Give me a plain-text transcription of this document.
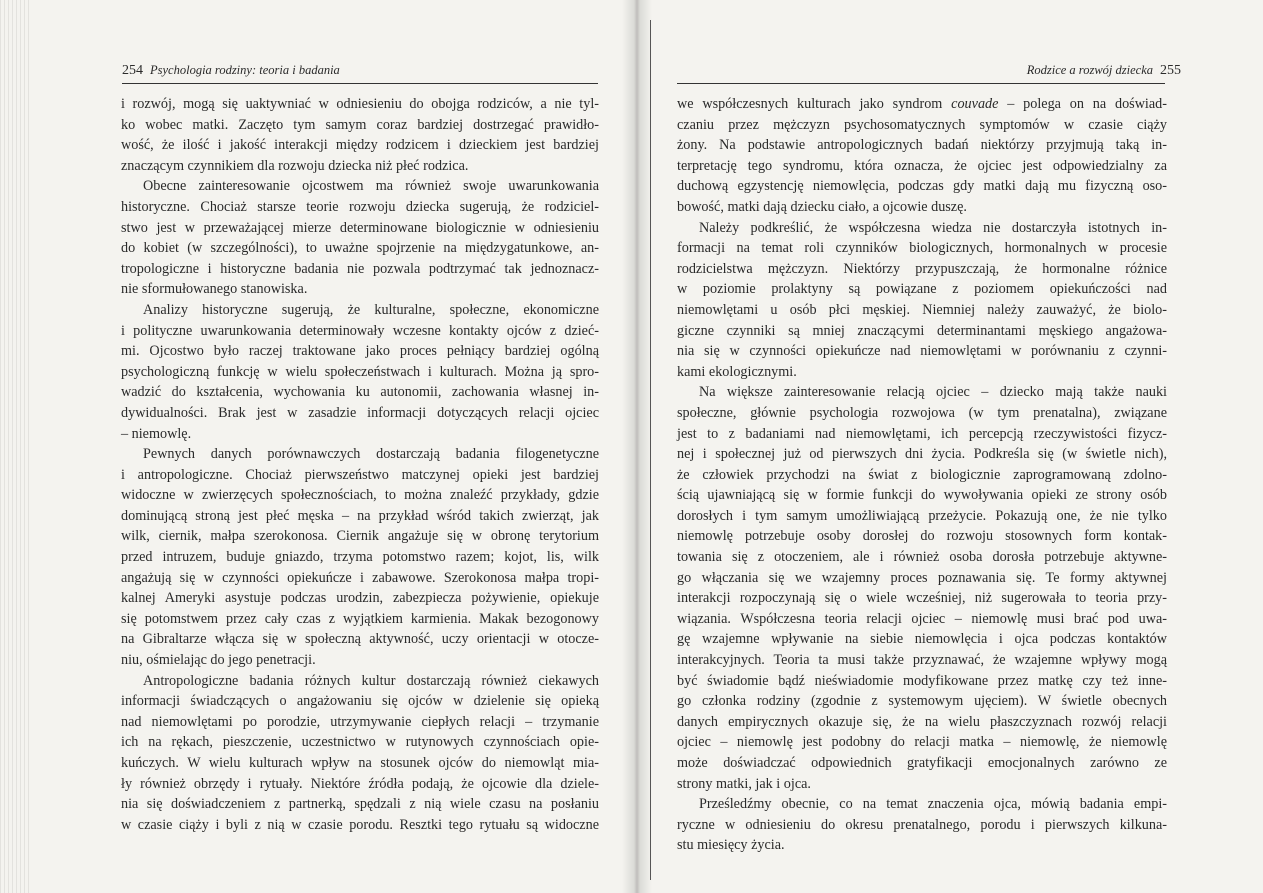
254 Psychologia rodziny: teoria i badania
i rozwój, mogą się uaktywniać w odniesieniu do obojga rodziców, a nie tyl-
ko wobec matki. Zaczęto tym samym coraz bardziej dostrzegać prawidło-
wość, że ilość i jakość interakcji między rodzicem i dzieckiem jest bardziej
znaczącym czynnikiem dla rozwoju dziecka niż płeć rodzica.
Obecne zainteresowanie ojcostwem ma również swoje uwarunkowania
historyczne. Chociaż starsze teorie rozwoju dziecka sugerują, że rodziciel-
stwo jest w przeważającej mierze determinowane biologicznie w odniesieniu
do kobiet (w szczególności), to uważne spojrzenie na międzygatunkowe, an-
tropologiczne i historyczne badania nie pozwala podtrzymać tak jednoznacz-
nie sformułowanego stanowiska.
Analizy historyczne sugerują, że kulturalne, społeczne, ekonomiczne
i polityczne uwarunkowania determinowały wczesne kontakty ojców z dzieć-
mi. Ojcostwo było raczej traktowane jako proces pełniący bardziej ogólną
psychologiczną funkcję w wielu społeczeństwach i kulturach. Można ją spro-
wadzić do kształcenia, wychowania ku autonomii, zachowania własnej in-
dywidualności. Brak jest w zasadzie informacji dotyczących relacji ojciec
– niemowlę.
Pewnych danych porównawczych dostarczają badania filogenetyczne
i antropologiczne. Chociaż pierwszeństwo matczynej opieki jest bardziej
widoczne w zwierzęcych społecznościach, to można znaleźć przykłady, gdzie
dominującą stroną jest płeć męska – na przykład wśród takich zwierząt, jak
wilk, ciernik, małpa szerokonosa. Ciernik angażuje się w obronę terytorium
przed intruzem, buduje gniazdo, trzyma potomstwo razem; kojot, lis, wilk
angażują się w czynności opiekuńcze i zabawowe. Szerokonosa małpa tropi-
kalnej Ameryki asystuje podczas urodzin, zabezpiecza pożywienie, opiekuje
się potomstwem przez cały czas z wyjątkiem karmienia. Makak bezogonowy
na Gibraltarze włącza się w społeczną aktywność, uczy orientacji w otocze-
niu, ośmielając do jego penetracji.
Antropologiczne badania różnych kultur dostarczają również ciekawych
informacji świadczących o angażowaniu się ojców w dzielenie się opieką
nad niemowlętami po porodzie, utrzymywanie ciepłych relacji – trzymanie
ich na rękach, pieszczenie, uczestnictwo w rutynowych czynnościach opie-
kuńczych. W wielu kulturach wpływ na stosunek ojców do niemowląt mia-
ły również obrzędy i rytuały. Niektóre źródła podają, że ojcowie dla dziele-
nia się doświadczeniem z partnerką, spędzali z nią wiele czasu na posłaniu
w czasie ciąży i byli z nią w czasie porodu. Resztki tego rytuału są widoczne
Rodzice a rozwój dziecka 255
we współczesnych kulturach jako syndrom couvade – polega on na doświad-
czaniu przez mężczyzn psychosomatycznych symptomów w czasie ciąży
żony. Na podstawie antropologicznych badań niektórzy przyjmują taką in-
terpretację tego syndromu, która oznacza, że ojciec jest odpowiedzialny za
duchową egzystencję niemowlęcia, podczas gdy matki dają mu fizyczną oso-
bowość, matki dają dziecku ciało, a ojcowie duszę.
Należy podkreślić, że współczesna wiedza nie dostarczyła istotnych in-
formacji na temat roli czynników biologicznych, hormonalnych w procesie
rodzicielstwa mężczyzn. Niektórzy przypuszczają, że hormonalne różnice
w poziomie prolaktyny są powiązane z poziomem opiekuńczości nad
niemowlętami u osób płci męskiej. Niemniej należy zauważyć, że biolo-
giczne czynniki są mniej znaczącymi determinantami męskiego angażowa-
nia się w czynności opiekuńcze nad niemowlętami w porównaniu z czynni-
kami ekologicznymi.
Na większe zainteresowanie relacją ojciec – dziecko mają także nauki
społeczne, głównie psychologia rozwojowa (w tym prenatalna), związane
jest to z badaniami nad niemowlętami, ich percepcją rzeczywistości fizycz-
nej i społecznej już od pierwszych dni życia. Podkreśla się (w świetle nich),
że człowiek przychodzi na świat z biologicznie zaprogramowaną zdolno-
ścią ujawniającą się w formie funkcji do wywoływania opieki ze strony osób
dorosłych i tym samym umożliwiającą przeżycie. Pokazują one, że nie tylko
niemowlę potrzebuje osoby dorosłej do rozwoju stosownych form kontak-
towania się z otoczeniem, ale i również osoba dorosła potrzebuje aktywne-
go włączania się we wzajemny proces poznawania się. Te formy aktywnej
interakcji rozpoczynają się o wiele wcześniej, niż sugerowała to teoria przy-
wiązania. Współczesna teoria relacji ojciec – niemowlę musi brać pod uwa-
gę wzajemne wpływanie na siebie niemowlęcia i ojca podczas kontaktów
interakcyjnych. Teoria ta musi także przyznawać, że wzajemne wpływy mogą
być świadomie bądź nieświadomie modyfikowane przez matkę czy też inne-
go członka rodziny (zgodnie z systemowym ujęciem). W świetle obecnych
danych empirycznych okazuje się, że na wielu płaszczyznach rozwój relacji
ojciec – niemowlę jest podobny do relacji matka – niemowlę, że niemowlę
może doświadczać odpowiednich gratyfikacji emocjonalnych zarówno ze
strony matki, jak i ojca.
Prześledźmy obecnie, co na temat znaczenia ojca, mówią badania empi-
ryczne w odniesieniu do okresu prenatalnego, porodu i pierwszych kilkuna-
stu miesięcy życia.
